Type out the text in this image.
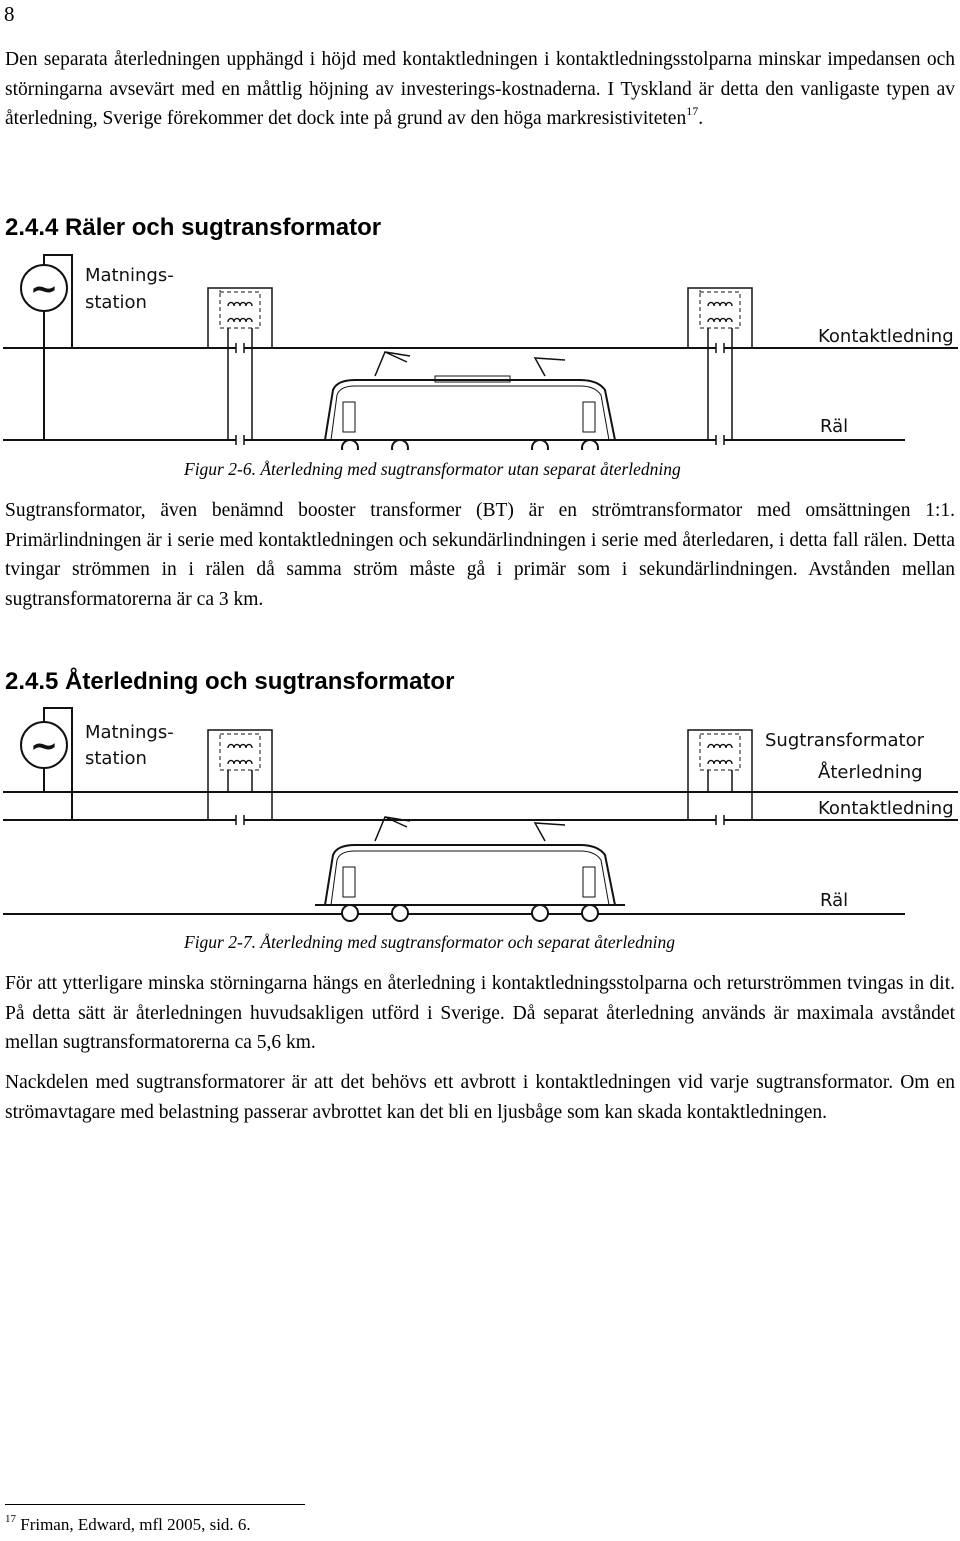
8

Den separata återledningen upphängd i höjd med kontaktledningen i kontaktledningsstolparna minskar impedansen och störningarna avsevärt med en måttlig höjning av investerings-kostnaderna. I Tyskland är detta den vanligaste typen av återledning, Sverige förekommer det dock inte på grund av den höga markresistiviteten$^{17}$.

2.4.4 Räler och sugtransformator
~ Matnings-
station
Kontaktledning
Räl
Figur 2-6. Återledning med sugtransformator utan separat återledning

Sugtransformator, även benämnd booster transformer (BT) är en strömtransformator med omsättningen 1:1. Primärlindningen är i serie med kontaktledningen och sekundärlindningen i serie med återledaren, i detta fall rälen. Detta tvingar strömmen in i rälen då samma ström måste gå i primär som i sekundärlindningen. Avstånden mellan sugtransformatorerna är ca 3 km.

2.4.5 Återledning och sugtransformator
~ Matnings-
station
Sugtransformator
Återledning
Kontaktledning
Räl
Figur 2-7. Återledning med sugtransformator och separat återledning

För att ytterligare minska störningarna hängs en återledning i kontaktledningsstolparna och returströmmen tvingas in dit. På detta sätt är återledningen huvudsakligen utförd i Sverige. Då separat återledning används är maximala avståndet mellan sugtransformatorerna ca 5,6 km.

Nackdelen med sugtransformatorer är att det behövs ett avbrott i kontaktledningen vid varje sugtransformator. Om en strömavtagare med belastning passerar avbrottet kan det bli en ljusbåge som kan skada kontaktledningen.

$^{17}$ Friman, Edward, mfl 2005, sid. 6.
